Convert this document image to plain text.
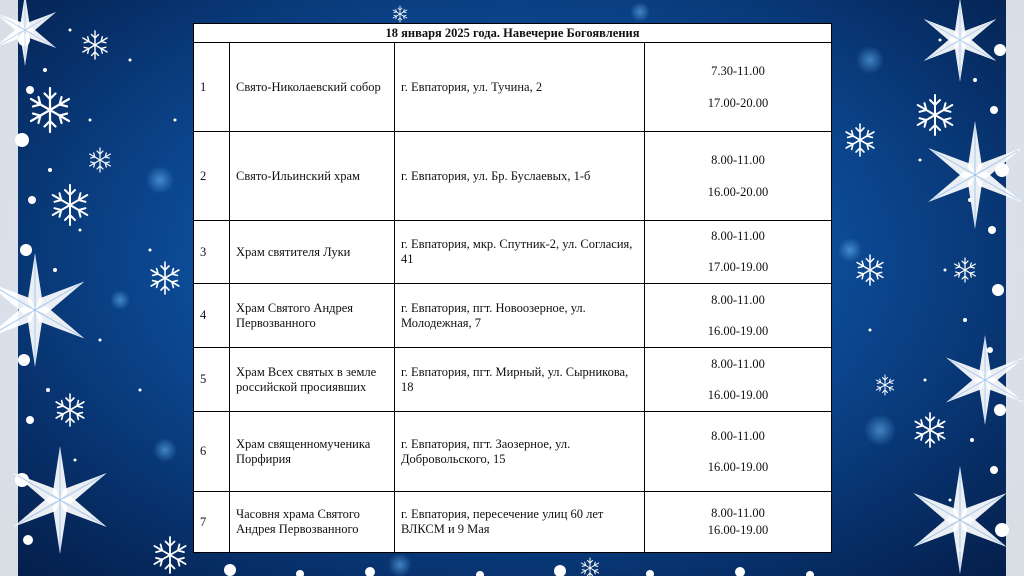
18 января 2025 года. Навечерие Богоявления			
1	Свято-Николаевский собор	г. Евпатория, ул. Тучина, 2	7.30-11.00
17.00-20.00

2	Свято-Ильинский храм	г. Евпатория, ул. Бр. Буслаевых, 1-б	8.00-11.00
16.00-20.00

3	Храм святителя Луки	г. Евпатория, мкр. Спутник-2, ул. Согласия, 41	8.00-11.00
17.00-19.00

4	Храм Святого Андрея Первозванного	г. Евпатория, пгт. Новоозерное, ул. Молодежная, 7	8.00-11.00
16.00-19.00

5	Храм Всех святых в земле российской просиявших	г. Евпатория, пгт. Мирный, ул. Сырникова, 18	8.00-11.00
16.00-19.00

6	Храм священномученика Порфирия	г. Евпатория, пгт. Заозерное, ул. Добровольского, 15	8.00-11.00
16.00-19.00

7	Часовня храма Святого Андрея Первозванного	г. Евпатория, пересечение улиц 60 лет ВЛКСМ и 9 Мая	8.00-11.00
16.00-19.00
